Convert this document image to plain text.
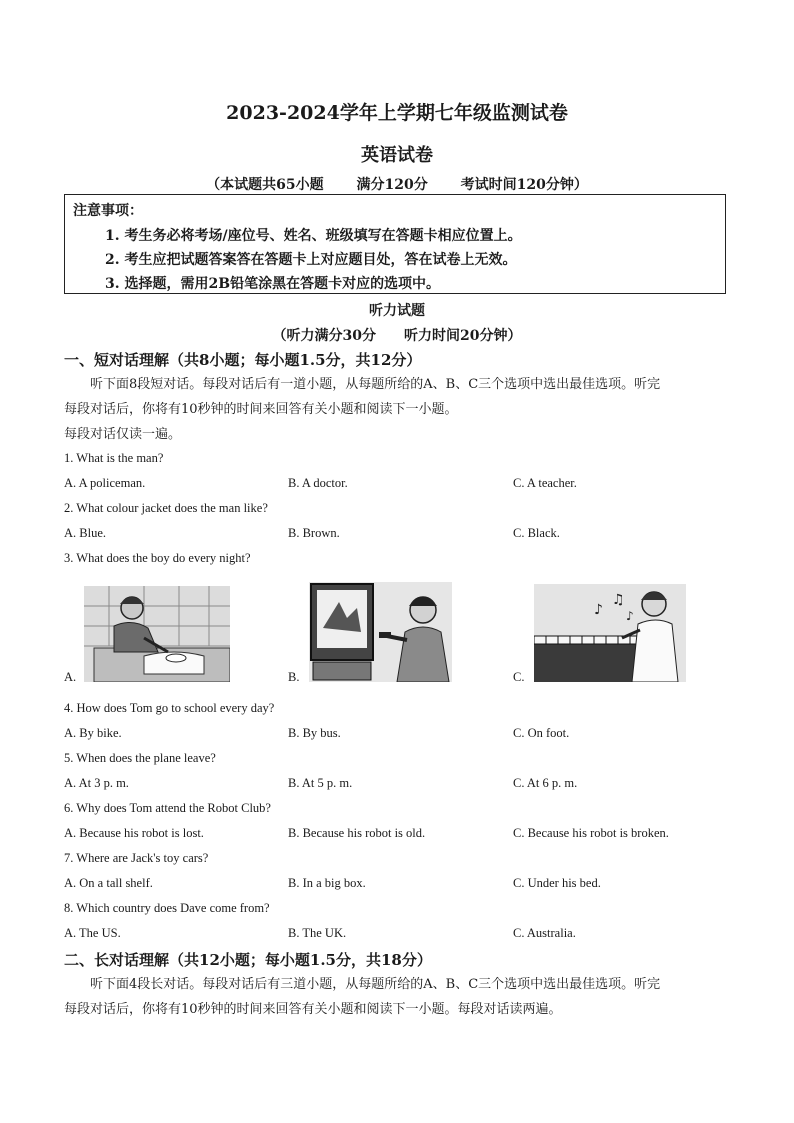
2023-2024学年上学期七年级监测试卷
英语试卷
（本试题共65小题 满分120分 考试时间120分钟）
注意事项：
1. 考生务必将考场/座位号、姓名、班级填写在答题卡相应位置上。
2. 考生应把试题答案答在答题卡上对应题目处，答在试卷上无效。
3. 选择题，需用2B铅笔涂黑在答题卡对应的选项中。
听力试题
（听力满分30分　　听力时间20分钟）
一、短对话理解（共8小题；每小题1.5分，共12分）
听下面8段短对话。每段对话后有一道小题，从每题所给的A、B、C三个选项中选出最佳选项。听完
每段对话后，你将有10秒钟的时间来回答有关小题和阅读下一小题。
每段对话仅读一遍。
1. What is the man?
A. A policeman.	B. A doctor.	C. A teacher.
2. What colour jacket does the man like?
A. Blue.	B. Brown.	C. Black.
3. What does the boy do every night?
A.	B.	C.
♪
♫
♪
4. How does Tom go to school every day?
A. By bike.	B. By bus.	C. On foot.
5. When does the plane leave?
A. At 3 p. m.	B. At 5 p. m.	C. At 6 p. m.
6. Why does Tom attend the Robot Club?
A. Because his robot is lost.	B. Because his robot is old.	C. Because his robot is broken.
7. Where are Jack's toy cars?
A. On a tall shelf.	B. In a big box.	C. Under his bed.
8. Which country does Dave come from?
A. The US.	B. The UK.	C. Australia.
二、长对话理解（共12小题；每小题1.5分，共18分）
听下面4段长对话。每段对话后有三道小题，从每题所给的A、B、C三个选项中选出最佳选项。听完
每段对话后，你将有10秒钟的时间来回答有关小题和阅读下一小题。每段对话读两遍。
